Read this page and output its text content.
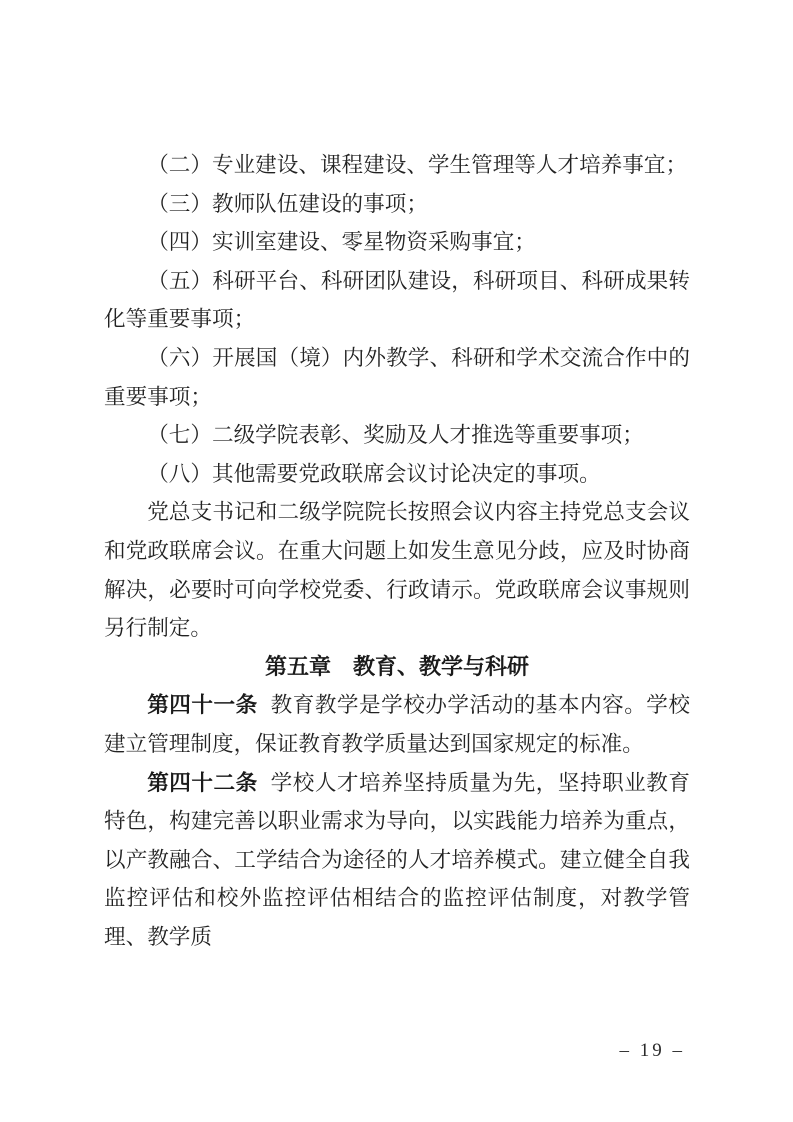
（二）专业建设、课程建设、学生管理等人才培养事宜；

（三）教师队伍建设的事项；

（四）实训室建设、零星物资采购事宜；

（五）科研平台、科研团队建设，科研项目、科研成果转化等重要事项；

（六）开展国（境）内外教学、科研和学术交流合作中的重要事项；

（七）二级学院表彰、奖励及人才推选等重要事项；

（八）其他需要党政联席会议讨论决定的事项。

党总支书记和二级学院院长按照会议内容主持党总支会议和党政联席会议。在重大问题上如发生意见分歧，应及时协商解决，必要时可向学校党委、行政请示。党政联席会议事规则另行制定。

第五章　教育、教学与科研

第四十一条 教育教学是学校办学活动的基本内容。学校建立管理制度，保证教育教学质量达到国家规定的标准。

第四十二条 学校人才培养坚持质量为先，坚持职业教育特色，构建完善以职业需求为导向，以实践能力培养为重点，以产教融合、工学结合为途径的人才培养模式。建立健全自我监控评估和校外监控评估相结合的监控评估制度，对教学管理、教学质

– 19 –
